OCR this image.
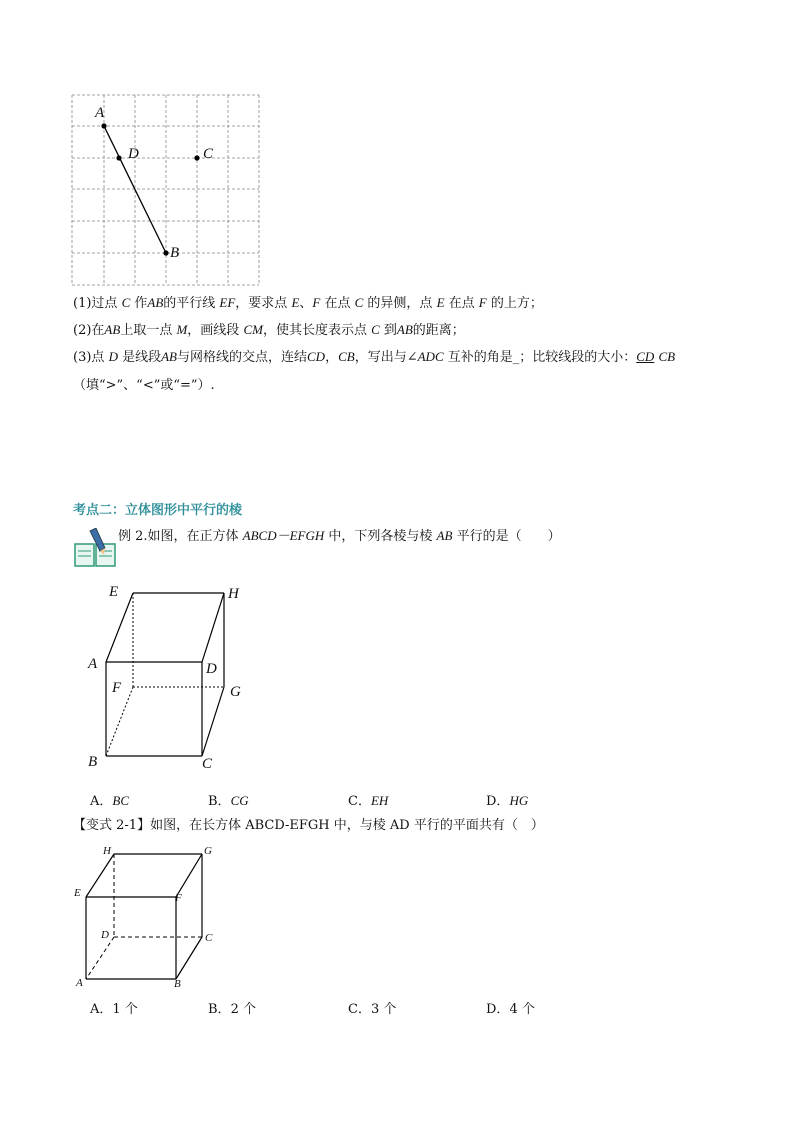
A
D	C
B
(1)过点 C 作AB的平行线 EF，要求点 E、F 在点 C 的异侧，点 E 在点 F 的上方；
(2)在AB上取一点 M，画线段 CM，使其长度表示点 C 到AB的距离；
(3)点 D 是线段AB与网格线的交点，连结CD，CB，写出与∠ADC 互补的角是_；比较线段的大小：CD CB
（填“>”、“<”或“=”）.
考点二：立体图形中平行的棱
例 2.如图，在正方体 ABCD－EFGH 中，下列各棱与棱 AB 平行的是（　　）
E	H
A	D
F	G
B	C
A．BC	B．CG	C．EH	D．HG
【变式 2-1】如图，在长方体 ABCD-EFGH 中，与棱 AD 平行的平面共有（　）
H	G
E	F
D	C
A	B
A．1 个	B．2 个	C．3 个	D．4 个
